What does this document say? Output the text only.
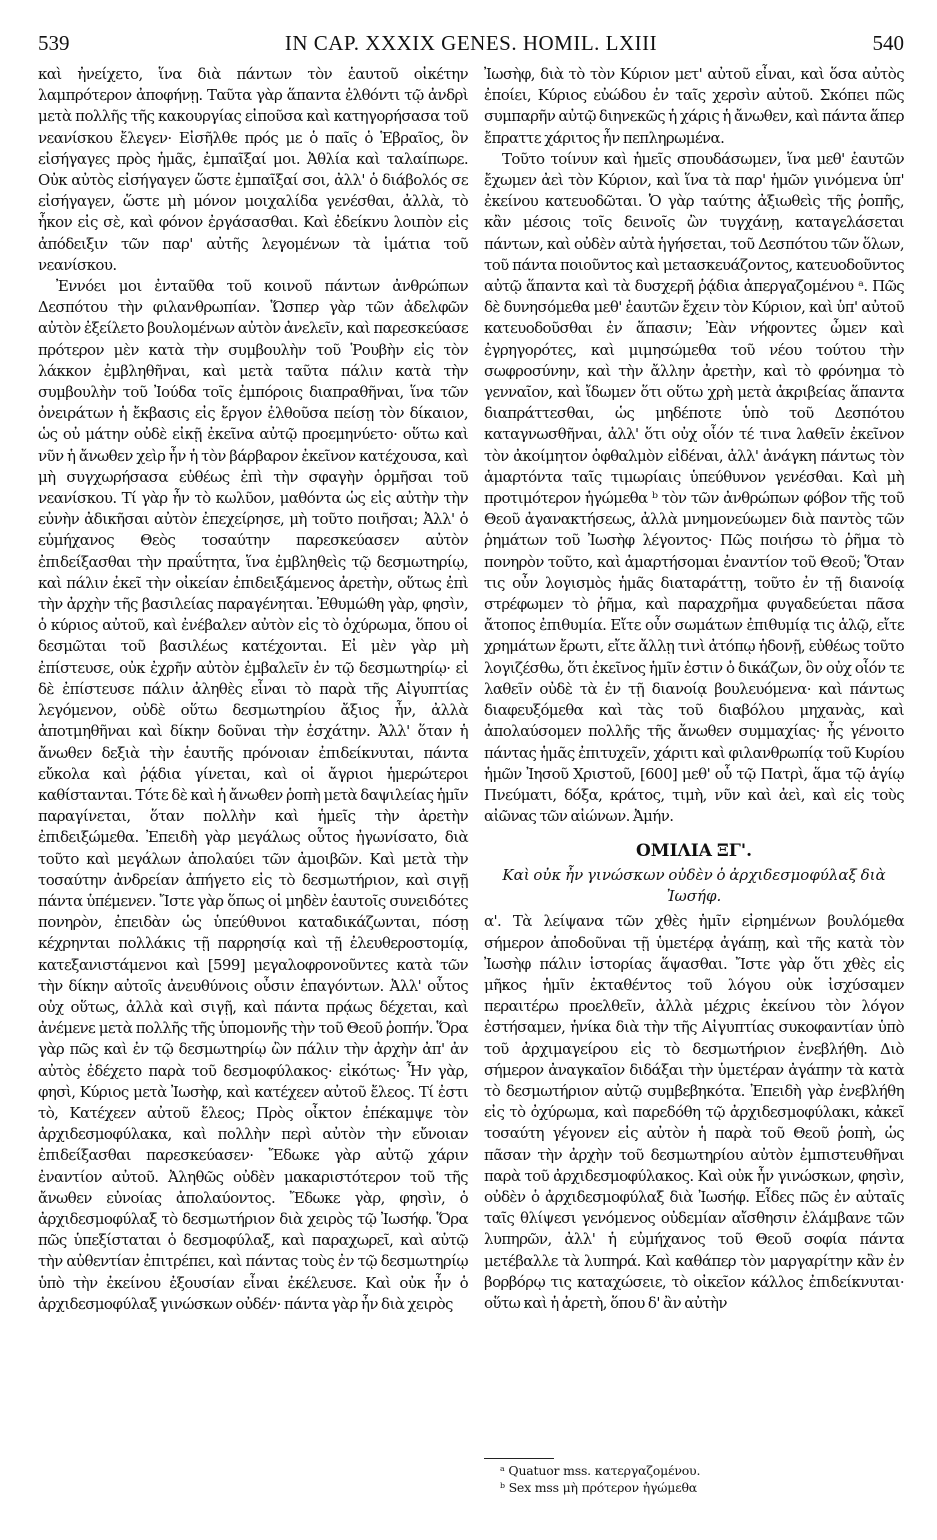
539	IN CAP. XXXIX GENES. HOMIL. LXIII	540

καὶ ἠνείχετο, ἵνα διὰ πάντων τὸν ἑαυτοῦ οἰκέτην λαμπρότερον ἀποφήνῃ. Ταῦτα γὰρ ἅπαντα ἐλθόντι τῷ ἀνδρὶ μετὰ πολλῆς τῆς κακουργίας εἰποῦσα καὶ κατηγορήσασα τοῦ νεανίσκου ἔλεγεν· Εἰσῆλθε πρός με ὁ παῖς ὁ Ἑβραῖος, ὃν εἰσήγαγες πρὸς ἡμᾶς, ἐμπαῖξαί μοι. Ἀθλία καὶ ταλαίπωρε. Οὐκ αὐτὸς εἰσήγαγεν ὥστε ἐμπαῖξαί σοι, ἀλλ' ὁ διάβολός σε εἰσήγαγεν, ὥστε μὴ μόνον μοιχαλίδα γενέσθαι, ἀλλὰ, τὸ ἧκον εἰς σὲ, καὶ φόνον ἐργάσασθαι. Καὶ ἐδείκνυ λοιπὸν εἰς ἀπόδειξιν τῶν παρ' αὐτῆς λεγομένων τὰ ἱμάτια τοῦ νεανίσκου.

Ἐννόει μοι ἐνταῦθα τοῦ κοινοῦ πάντων ἀνθρώπων Δεσπότου τὴν φιλανθρωπίαν. Ὥσπερ γὰρ τῶν ἀδελφῶν αὐτὸν ἐξείλετο βουλομένων αὐτὸν ἀνελεῖν, καὶ παρεσκεύασε πρότερον μὲν κατὰ τὴν συμβουλὴν τοῦ Ῥουβὴν εἰς τὸν λάκκον ἐμβληθῆναι, καὶ μετὰ ταῦτα πάλιν κατὰ τὴν συμβουλὴν τοῦ Ἰούδα τοῖς ἐμπόροις διαπραθῆναι, ἵνα τῶν ὀνειράτων ἡ ἔκβασις εἰς ἔργον ἐλθοῦσα πείσῃ τὸν δίκαιον, ὡς οὐ μάτην οὐδὲ εἰκῇ ἐκεῖνα αὐτῷ προεμηνύετο· οὕτω καὶ νῦν ἡ ἄνωθεν χεὶρ ἦν ἡ τὸν βάρβαρον ἐκεῖνον κατέχουσα, καὶ μὴ συγχωρήσασα εὐθέως ἐπὶ τὴν σφαγὴν ὁρμῆσαι τοῦ νεανίσκου. Τί γὰρ ἦν τὸ κωλῦον, μαθόντα ὡς εἰς αὐτὴν τὴν εὐνὴν ἀδικῆσαι αὐτὸν ἐπεχείρησε, μὴ τοῦτο ποιῆσαι; Ἀλλ' ὁ εὐμήχανος Θεὸς τοσαύτην παρεσκεύασεν αὐτὸν ἐπιδείξασθαι τὴν πραΰτητα, ἵνα ἐμβληθεὶς τῷ δεσμωτηρίῳ, καὶ πάλιν ἐκεῖ τὴν οἰκείαν ἐπιδειξάμενος ἀρετὴν, οὕτως ἐπὶ τὴν ἀρχὴν τῆς βασιλείας παραγένηται. Ἐθυμώθη γὰρ, φησὶν, ὁ κύριος αὐτοῦ, καὶ ἐνέβαλεν αὐτὸν εἰς τὸ ὀχύρωμα, ὅπου οἱ δεσμῶται τοῦ βασιλέως κατέχονται. Εἰ μὲν γὰρ μὴ ἐπίστευσε, οὐκ ἐχρῆν αὐτὸν ἐμβαλεῖν ἐν τῷ δεσμωτηρίῳ· εἰ δὲ ἐπίστευσε πάλιν ἀληθὲς εἶναι τὸ παρὰ τῆς Αἰγυπτίας λεγόμενον, οὐδὲ οὕτω δεσμωτηρίου ἄξιος ἦν, ἀλλὰ ἀποτμηθῆναι καὶ δίκην δοῦναι τὴν ἐσχάτην. Ἀλλ' ὅταν ἡ ἄνωθεν δεξιὰ τὴν ἑαυτῆς πρόνοιαν ἐπιδείκνυται, πάντα εὔκολα καὶ ῥᾴδια γίνεται, καὶ οἱ ἄγριοι ἡμερώτεροι καθίστανται. Τότε δὲ καὶ ἡ ἄνωθεν ῥοπὴ μετὰ δαψιλείας ἡμῖν παραγίνεται, ὅταν πολλὴν καὶ ἡμεῖς τὴν ἀρετὴν ἐπιδειξώμεθα. Ἐπειδὴ γὰρ μεγάλως οὗτος ἠγωνίσατο, διὰ τοῦτο καὶ μεγάλων ἀπολαύει τῶν ἀμοιβῶν. Καὶ μετὰ τὴν τοσαύτην ἀνδρείαν ἀπήγετο εἰς τὸ δεσμωτήριον, καὶ σιγῇ πάντα ὑπέμενεν. Ἴστε γὰρ ὅπως οἱ μηδὲν ἑαυτοῖς συνειδότες πονηρὸν, ἐπειδὰν ὡς ὑπεύθυνοι καταδικάζωνται, πόσῃ κέχρηνται πολλάκις τῇ παρρησίᾳ καὶ τῇ ἐλευθεροστομίᾳ, κατεξανιστάμενοι καὶ [599] μεγαλοφρονοῦντες κατὰ τῶν τὴν δίκην αὐτοῖς ἀνευθύνοις οὖσιν ἐπαγόντων. Ἀλλ' οὗτος οὐχ οὕτως, ἀλλὰ καὶ σιγῇ, καὶ πάντα πρᾴως δέχεται, καὶ ἀνέμενε μετὰ πολλῆς τῆς ὑπομονῆς τὴν τοῦ Θεοῦ ῥοπήν. Ὅρα γὰρ πῶς καὶ ἐν τῷ δεσμωτηρίῳ ὢν πάλιν τὴν ἀρχὴν ἀπ' ἀν αὐτὸς ἐδέχετο παρὰ τοῦ δεσμοφύλακος· εἰκότως· Ἦν γὰρ, φησὶ, Κύριος μετὰ Ἰωσὴφ, καὶ κατέχεεν αὐτοῦ ἔλεος. Τί ἐστι τὸ, Κατέχεεν αὐτοῦ ἔλεος; Πρὸς οἶκτον ἐπέκαμψε τὸν ἀρχιδεσμοφύλακα, καὶ πολλὴν περὶ αὐτὸν τὴν εὔνοιαν ἐπιδείξασθαι παρεσκεύασεν· Ἔδωκε γὰρ αὐτῷ χάριν ἐναντίον αὐτοῦ. Ἀληθῶς οὐδὲν μακαριστότερον τοῦ τῆς ἄνωθεν εὐνοίας ἀπολαύοντος. Ἔδωκε γὰρ, φησὶν, ὁ ἀρχιδεσμοφύλαξ τὸ δεσμωτήριον διὰ χειρὸς τῷ Ἰωσήφ. Ὅρα πῶς ὑπεξίσταται ὁ δεσμοφύλαξ, καὶ παραχωρεῖ, καὶ αὐτῷ τὴν αὐθεντίαν ἐπιτρέπει, καὶ πάντας τοὺς ἐν τῷ δεσμωτηρίῳ ὑπὸ τὴν ἐκείνου ἐξουσίαν εἶναι ἐκέλευσε. Καὶ οὐκ ἦν ὁ ἀρχιδεσμοφύλαξ γινώσκων οὐδέν· πάντα γὰρ ἦν διὰ χειρὸς

Ἰωσὴφ, διὰ τὸ τὸν Κύριον μετ' αὐτοῦ εἶναι, καὶ ὅσα αὐτὸς ἐποίει, Κύριος εὐώδου ἐν ταῖς χερσὶν αὐτοῦ. Σκόπει πῶς συμπαρῆν αὐτῷ διηνεκῶς ἡ χάρις ἡ ἄνωθεν, καὶ πάντα ἅπερ ἔπραττε χάριτος ἦν πεπληρωμένα.

Τοῦτο τοίνυν καὶ ἡμεῖς σπουδάσωμεν, ἵνα μεθ' ἑαυτῶν ἔχωμεν ἀεὶ τὸν Κύριον, καὶ ἵνα τὰ παρ' ἡμῶν γινόμενα ὑπ' ἐκείνου κατευοδῶται. Ὁ γὰρ ταύτης ἀξιωθεὶς τῆς ῥοπῆς, κἂν μέσοις τοῖς δεινοῖς ὢν τυγχάνῃ, καταγελάσεται πάντων, καὶ οὐδὲν αὐτὰ ἡγήσεται, τοῦ Δεσπότου τῶν ὅλων, τοῦ πάντα ποιοῦντος καὶ μετασκευάζοντος, κατευοδοῦντος αὐτῷ ἅπαντα καὶ τὰ δυσχερῆ ῥᾴδια ἀπεργαζομένου ᵃ. Πῶς δὲ δυνησόμεθα μεθ' ἑαυτῶν ἔχειν τὸν Κύριον, καὶ ὑπ' αὐτοῦ κατευοδοῦσθαι ἐν ἅπασιν; Ἐὰν νήφοντες ὦμεν καὶ ἐγρηγορότες, καὶ μιμησώμεθα τοῦ νέου τούτου τὴν σωφροσύνην, καὶ τὴν ἄλλην ἀρετὴν, καὶ τὸ φρόνημα τὸ γενναῖον, καὶ ἴδωμεν ὅτι οὕτω χρὴ μετὰ ἀκριβείας ἅπαντα διαπράττεσθαι, ὡς μηδέποτε ὑπὸ τοῦ Δεσπότου καταγνωσθῆναι, ἀλλ' ὅτι οὐχ οἷόν τέ τινα λαθεῖν ἐκεῖνον τὸν ἀκοίμητον ὀφθαλμὸν εἰδέναι, ἀλλ' ἀνάγκη πάντως τὸν ἁμαρτόντα ταῖς τιμωρίαις ὑπεύθυνον γενέσθαι. Καὶ μὴ προτιμότερον ἡγώμεθα ᵇ τὸν τῶν ἀνθρώπων φόβον τῆς τοῦ Θεοῦ ἀγανακτήσεως, ἀλλὰ μνημονεύωμεν διὰ παντὸς τῶν ῥημάτων τοῦ Ἰωσὴφ λέγοντος· Πῶς ποιήσω τὸ ῥῆμα τὸ πονηρὸν τοῦτο, καὶ ἁμαρτήσομαι ἐναντίον τοῦ Θεοῦ; Ὅταν τις οὖν λογισμὸς ἡμᾶς διαταράττῃ, τοῦτο ἐν τῇ διανοίᾳ στρέφωμεν τὸ ῥῆμα, καὶ παραχρῆμα φυγαδεύεται πᾶσα ἄτοπος ἐπιθυμία. Εἴτε οὖν σωμάτων ἐπιθυμίᾳ τις ἁλῷ, εἴτε χρημάτων ἔρωτι, εἴτε ἄλλῃ τινὶ ἀτόπῳ ἡδονῇ, εὐθέως τοῦτο λογιζέσθω, ὅτι ἐκεῖνος ἡμῖν ἐστιν ὁ δικάζων, ὃν οὐχ οἷόν τε λαθεῖν οὐδὲ τὰ ἐν τῇ διανοίᾳ βουλευόμενα· καὶ πάντως διαφευξόμεθα καὶ τὰς τοῦ διαβόλου μηχανὰς, καὶ ἀπολαύσομεν πολλῆς τῆς ἄνωθεν συμμαχίας· ἧς γένοιτο πάντας ἡμᾶς ἐπιτυχεῖν, χάριτι καὶ φιλανθρωπίᾳ τοῦ Κυρίου ἡμῶν Ἰησοῦ Χριστοῦ, [600] μεθ' οὗ τῷ Πατρὶ, ἅμα τῷ ἁγίῳ Πνεύματι, δόξα, κράτος, τιμὴ, νῦν καὶ ἀεὶ, καὶ εἰς τοὺς αἰῶνας τῶν αἰώνων. Ἀμήν.

ΟΜΙΛΙΑ ΞΓ'.
Καὶ οὐκ ἦν γινώσκων οὐδὲν ὁ ἀρχιδεσμοφύλαξ διὰ Ἰωσήφ.

α'. Τὰ λείψανα τῶν χθὲς ἡμῖν εἰρημένων βουλόμεθα σήμερον ἀποδοῦναι τῇ ὑμετέρᾳ ἀγάπῃ, καὶ τῆς κατὰ τὸν Ἰωσὴφ πάλιν ἱστορίας ἅψασθαι. Ἴστε γὰρ ὅτι χθὲς εἰς μῆκος ἡμῖν ἐκταθέντος τοῦ λόγου οὐκ ἰσχύσαμεν περαιτέρω προελθεῖν, ἀλλὰ μέχρις ἐκείνου τὸν λόγον ἐστήσαμεν, ἡνίκα διὰ τὴν τῆς Αἰγυπτίας συκοφαντίαν ὑπὸ τοῦ ἀρχιμαγείρου εἰς τὸ δεσμωτήριον ἐνεβλήθη. Διὸ σήμερον ἀναγκαῖον διδάξαι τὴν ὑμετέραν ἀγάπην τὰ κατὰ τὸ δεσμωτήριον αὐτῷ συμβεβηκότα. Ἐπειδὴ γὰρ ἐνεβλήθη εἰς τὸ ὀχύρωμα, καὶ παρεδόθη τῷ ἀρχιδεσμοφύλακι, κἀκεῖ τοσαύτη γέγονεν εἰς αὐτὸν ἡ παρὰ τοῦ Θεοῦ ῥοπὴ, ὡς πᾶσαν τὴν ἀρχὴν τοῦ δεσμωτηρίου αὐτὸν ἐμπιστευθῆναι παρὰ τοῦ ἀρχιδεσμοφύλακος. Καὶ οὐκ ἦν γινώσκων, φησὶν, οὐδὲν ὁ ἀρχιδεσμοφύλαξ διὰ Ἰωσήφ. Εἶδες πῶς ἐν αὐταῖς ταῖς θλίψεσι γενόμενος οὐδεμίαν αἴσθησιν ἐλάμβανε τῶν λυπηρῶν, ἀλλ' ἡ εὐμήχανος τοῦ Θεοῦ σοφία πάντα μετέβαλλε τὰ λυπηρά. Καὶ καθάπερ τὸν μαργαρίτην κἂν ἐν βορβόρῳ τις καταχώσειε, τὸ οἰκεῖον κάλλος ἐπιδείκνυται· οὕτω καὶ ἡ ἀρετὴ, ὅπου δ' ἂν αὐτὴν

ᵃ Quatuor mss. κατεργαζομένου.
ᵇ Sex mss μὴ πρότερον ἡγώμεθα
